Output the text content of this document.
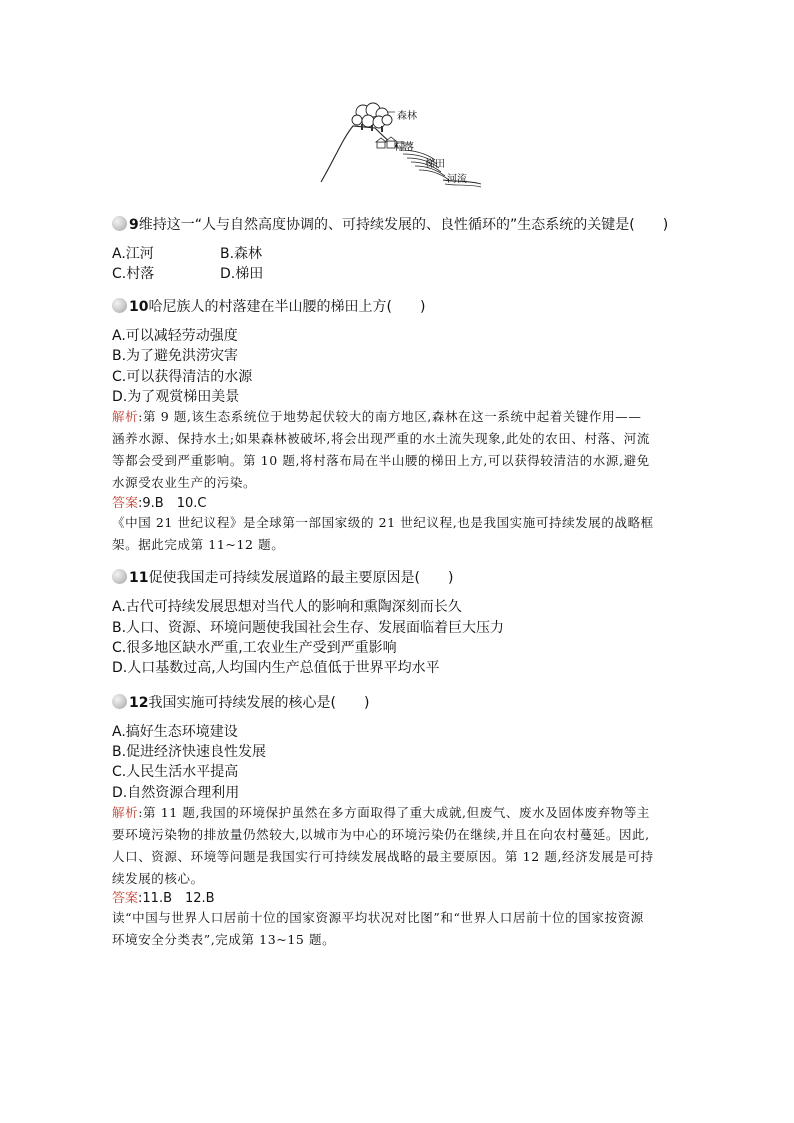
森林
村落
梯田
河流
9维持这一“人与自然高度协调的、可持续发展的、良性循环的”生态系统的关键是(　　)
A.江河	B.森林
C.村落	D.梯田
10哈尼族人的村落建在半山腰的梯田上方(　　)
A.可以减轻劳动强度
B.为了避免洪涝灾害
C.可以获得清洁的水源
D.为了观赏梯田美景
解析:第 9 题,该生态系统位于地势起伏较大的南方地区,森林在这一系统中起着关键作用——
涵养水源、保持水土;如果森林被破坏,将会出现严重的水土流失现象,此处的农田、村落、河流
等都会受到严重影响。第 10 题,将村落布局在半山腰的梯田上方,可以获得较清洁的水源,避免
水源受农业生产的污染。
答案:9.B　10.C
《中国 21 世纪议程》是全球第一部国家级的 21 世纪议程,也是我国实施可持续发展的战略框
架。据此完成第 11~12 题。
11促使我国走可持续发展道路的最主要原因是(　　)
A.古代可持续发展思想对当代人的影响和熏陶深刻而长久
B.人口、资源、环境问题使我国社会生存、发展面临着巨大压力
C.很多地区缺水严重,工农业生产受到严重影响
D.人口基数过高,人均国内生产总值低于世界平均水平
12我国实施可持续发展的核心是(　　)
A.搞好生态环境建设
B.促进经济快速良性发展
C.人民生活水平提高
D.自然资源合理利用
解析:第 11 题,我国的环境保护虽然在多方面取得了重大成就,但废气、废水及固体废弃物等主
要环境污染物的排放量仍然较大,以城市为中心的环境污染仍在继续,并且在向农村蔓延。因此,
人口、资源、环境等问题是我国实行可持续发展战略的最主要原因。第 12 题,经济发展是可持
续发展的核心。
答案:11.B　12.B
读“中国与世界人口居前十位的国家资源平均状况对比图”和“世界人口居前十位的国家按资源
环境安全分类表”,完成第 13~15 题。
